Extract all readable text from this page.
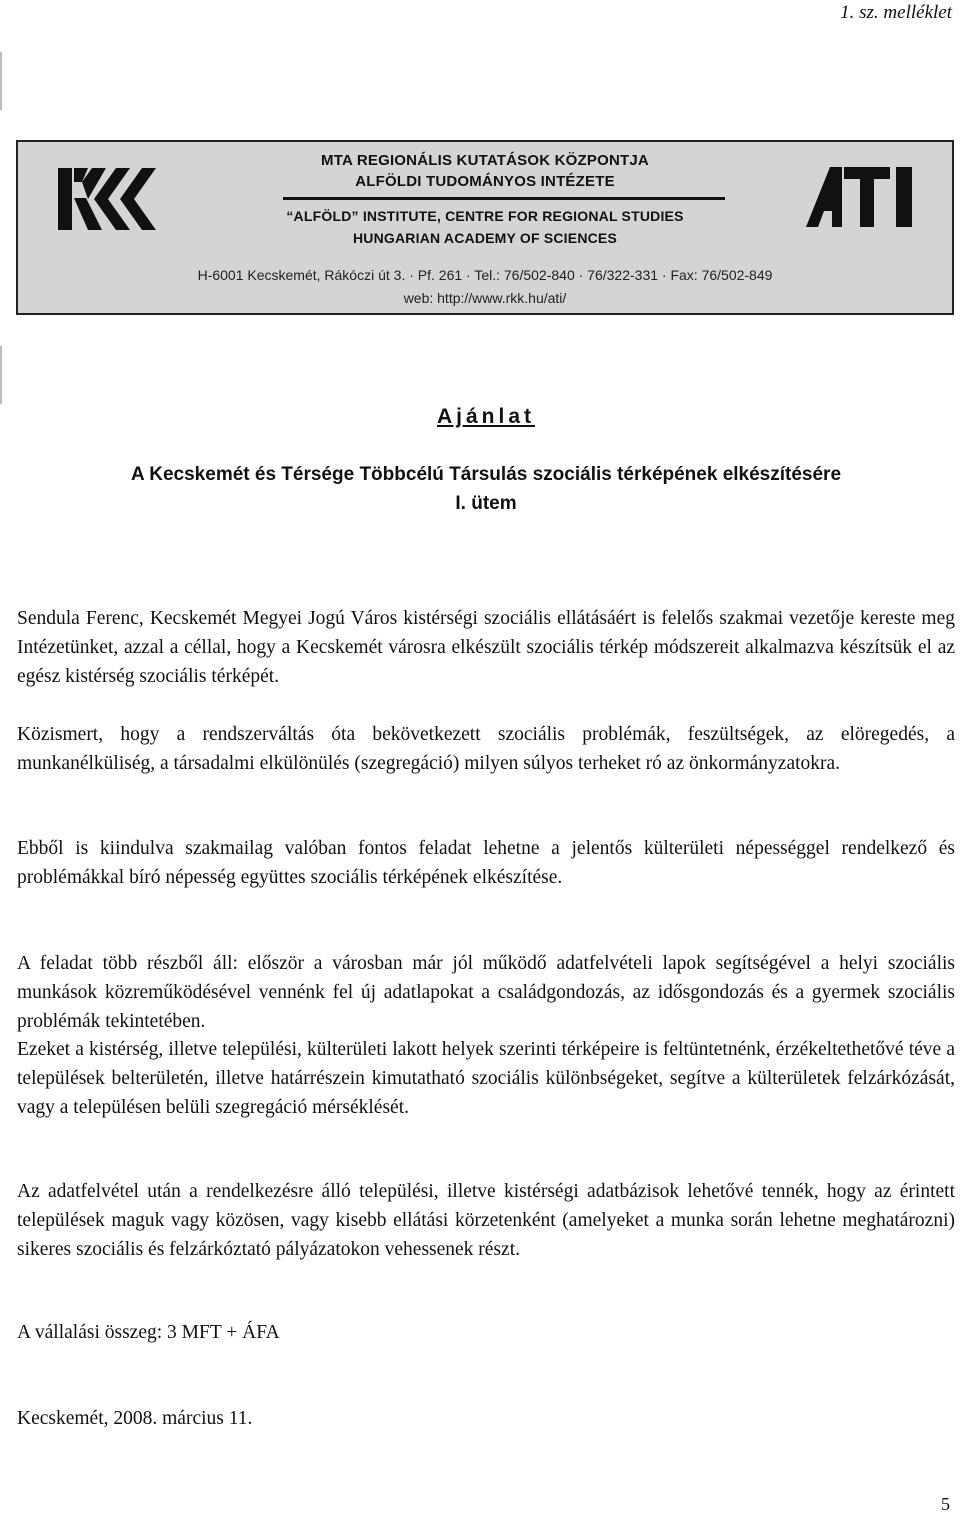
1. sz. melléklet
MTA REGIONÁLIS KUTATÁSOK KÖZPONTJA
ALFÖLDI TUDOMÁNYOS INTÉZETE
“ALFÖLD” INSTITUTE, CENTRE FOR REGIONAL STUDIES
HUNGARIAN ACADEMY OF SCIENCES
H-6001 Kecskemét, Rákóczi út 3. · Pf. 261 · Tel.: 76/502-840 · 76/322-331 · Fax: 76/502-849
web: http://www.rkk.hu/ati/
Ajánlat
A Kecskemét és Térsége Többcélú Társulás szociális térképének elkészítésére
I. ütem

Sendula Ferenc, Kecskemét Megyei Jogú Város kistérségi szociális ellátásáért is felelős szakmai vezetője kereste meg Intézetünket, azzal a céllal, hogy a Kecskemét városra elkészült szociális térkép módszereit alkalmazva készítsük el az egész kistérség szociális térképét.

Közismert, hogy a rendszerváltás óta bekövetkezett szociális problémák, feszültségek, az elöregedés, a munkanélküliség, a társadalmi elkülönülés (szegregáció) milyen súlyos terheket ró az önkormányzatokra.

Ebből is kiindulva szakmailag valóban fontos feladat lehetne a jelentős külterületi népességgel rendelkező és problémákkal bíró népesség együttes szociális térképének elkészítése.

A feladat több részből áll: először a városban már jól működő adatfelvételi lapok segítségével a helyi szociális munkások közreműködésével vennénk fel új adatlapokat a családgondozás, az idősgondozás és a gyermek szociális problémák tekintetében.

Ezeket a kistérség, illetve települési, külterületi lakott helyek szerinti térképeire is feltüntetnénk, érzékeltethetővé téve a települések belterületén, illetve határrészein kimutatható szociális különbségeket, segítve a külterületek felzárkózását, vagy a településen belüli szegregáció mérséklését.

Az adatfelvétel után a rendelkezésre álló települési, illetve kistérségi adatbázisok lehetővé tennék, hogy az érintett települések maguk vagy közösen, vagy kisebb ellátási körzetenként (amelyeket a munka során lehetne meghatározni) sikeres szociális és felzárkóztató pályázatokon vehessenek részt.

A vállalási összeg: 3 MFT + ÁFA
Kecskemét, 2008. március 11.
5
